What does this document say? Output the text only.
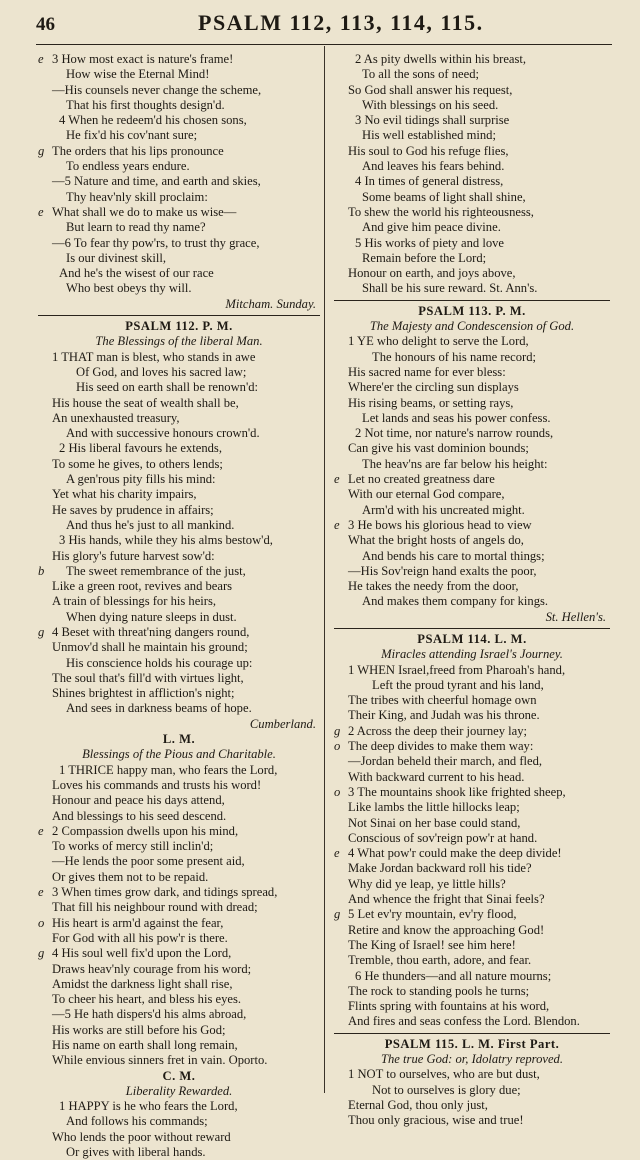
46	PSALM 112, 113, 114, 115.
e 3 How most exact is nature's frame!
How wise the Eternal Mind!
—His counsels never change the scheme,
That his first thoughts design'd.
4 When he redeem'd his chosen sons,
He fix'd his cov'nant sure;
g The orders that his lips pronounce
To endless years endure.
—5 Nature and time, and earth and skies,
Thy heav'nly skill proclaim:
e What shall we do to make us wise—
But learn to read thy name?
—6 To fear thy pow'rs, to trust thy grace,
Is our divinest skill,
And he's the wisest of our race
Who best obeys thy will.
Mitcham. Sunday.
PSALM 112. P. M.
The Blessings of the liberal Man.
1 THAT man is blest, who stands in awe
Of God, and loves his sacred law;
His seed on earth shall be renown'd:
His house the seat of wealth shall be,
An unexhausted treasury,
And with successive honours crown'd.
2 His liberal favours he extends,
To some he gives, to others lends;
A gen'rous pity fills his mind:
Yet what his charity impairs,
He saves by prudence in affairs;
And thus he's just to all mankind.
3 His hands, while they his alms bestow'd,
His glory's future harvest sow'd:
b	The sweet remembrance of the just,
Like a green root, revives and bears
A train of blessings for his heirs,
When dying nature sleeps in dust.
g 4 Beset with threat'ning dangers round,
Unmov'd shall he maintain his ground;
His conscience holds his courage up:
The soul that's fill'd with virtues light,
Shines brightest in affliction's night;
And sees in darkness beams of hope.
Cumberland.
L. M.
Blessings of the Pious and Charitable.
1 THRICE happy man, who fears the Lord,
Loves his commands and trusts his word!
Honour and peace his days attend,
And blessings to his seed descend.
e 2 Compassion dwells upon his mind,
To works of mercy still inclin'd;
—He lends the poor some present aid,
Or gives them not to be repaid.
e 3 When times grow dark, and tidings spread,
That fill his neighbour round with dread;
o His heart is arm'd against the fear,
For God with all his pow'r is there.
g 4 His soul well fix'd upon the Lord,
Draws heav'nly courage from his word;
Amidst the darkness light shall rise,
To cheer his heart, and bless his eyes.
—5 He hath dispers'd his alms abroad,
His works are still before his God;
His name on earth shall long remain,
While envious sinners fret in vain. Oporto.
C. M.
Liberality Rewarded.
1 HAPPY is he who fears the Lord,
And follows his commands;
Who lends the poor without reward
Or gives with liberal hands.
2 As pity dwells within his breast,
To all the sons of need;
So God shall answer his request,
With blessings on his seed.
3 No evil tidings shall surprise
His well established mind;
His soul to God his refuge flies,
And leaves his fears behind.
4 In times of general distress,
Some beams of light shall shine,
To shew the world his righteousness,
And give him peace divine.
5 His works of piety and love
Remain before the Lord;
Honour on earth, and joys above,
Shall be his sure reward. St. Ann's.
PSALM 113. P. M.
The Majesty and Condescension of God.
1 YE who delight to serve the Lord,
The honours of his name record;
His sacred name for ever bless:
Where'er the circling sun displays
His rising beams, or setting rays,
Let lands and seas his power confess.
2 Not time, nor nature's narrow rounds,
Can give his vast dominion bounds;
The heav'ns are far below his height:
e Let no created greatness dare
With our eternal God compare,
Arm'd with his uncreated might.
e 3 He bows his glorious head to view
What the bright hosts of angels do,
And bends his care to mortal things;
—His Sov'reign hand exalts the poor,
He takes the needy from the door,
And makes them company for kings.
St. Hellen's.
PSALM 114. L. M.
Miracles attending Israel's Journey.
1 WHEN Israel,freed from Pharoah's hand,
Left the proud tyrant and his land,
The tribes with cheerful homage own
Their King, and Judah was his throne.
g 2 Across the deep their journey lay;
o The deep divides to make them way:
—Jordan beheld their march, and fled,
With backward current to his head.
o 3 The mountains shook like frighted sheep,
Like lambs the little hillocks leap;
Not Sinai on her base could stand,
Conscious of sov'reign pow'r at hand.
e 4 What pow'r could make the deep divide!
Make Jordan backward roll his tide?
Why did ye leap, ye little hills?
And whence the fright that Sinai feels?
g 5 Let ev'ry mountain, ev'ry flood,
Retire and know the approaching God!
The King of Israel! see him here!
Tremble, thou earth, adore, and fear.
6 He thunders—and all nature mourns;
The rock to standing pools he turns;
Flints spring with fountains at his word,
And fires and seas confess the Lord. Blendon.
PSALM 115. L. M. First Part.
The true God: or, Idolatry reproved.
1 NOT to ourselves, who are but dust,
Not to ourselves is glory due;
Eternal God, thou only just,
Thou only gracious, wise and true!
